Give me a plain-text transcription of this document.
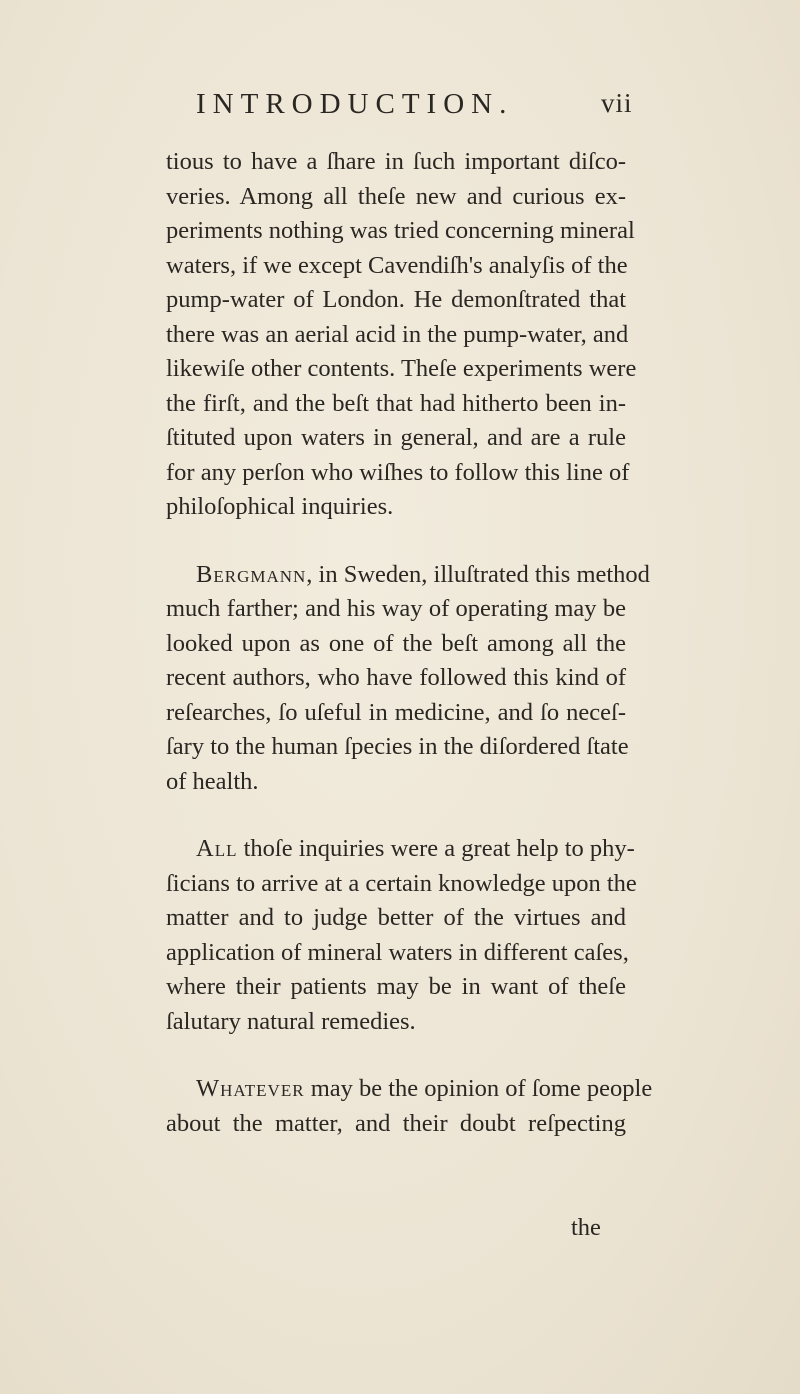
INTRODUCTION.	vii
tious to have a ſhare in ſuch important diſco-
veries. Among all theſe new and curious ex-
periments nothing was tried concerning mineral
waters, if we except Cavendiſh's analyſis of the
pump-water of London. He demonſtrated that
there was an aerial acid in the pump-water, and
likewiſe other contents. Theſe experiments were
the firſt, and the beſt that had hitherto been in-
ſtituted upon waters in general, and are a rule
for any perſon who wiſhes to follow this line of
philoſophical inquiries.
Bergmann, in Sweden, illuſtrated this method
much farther; and his way of operating may be
looked upon as one of the beſt among all the
recent authors, who have followed this kind of
reſearches, ſo uſeful in medicine, and ſo neceſ-
ſary to the human ſpecies in the diſordered ſtate
of health.
All thoſe inquiries were a great help to phy-
ſicians to arrive at a certain knowledge upon the
matter and to judge better of the virtues and
application of mineral waters in different caſes,
where their patients may be in want of theſe
ſalutary natural remedies.
Whatever may be the opinion of ſome people
about the matter, and their doubt reſpecting
the
